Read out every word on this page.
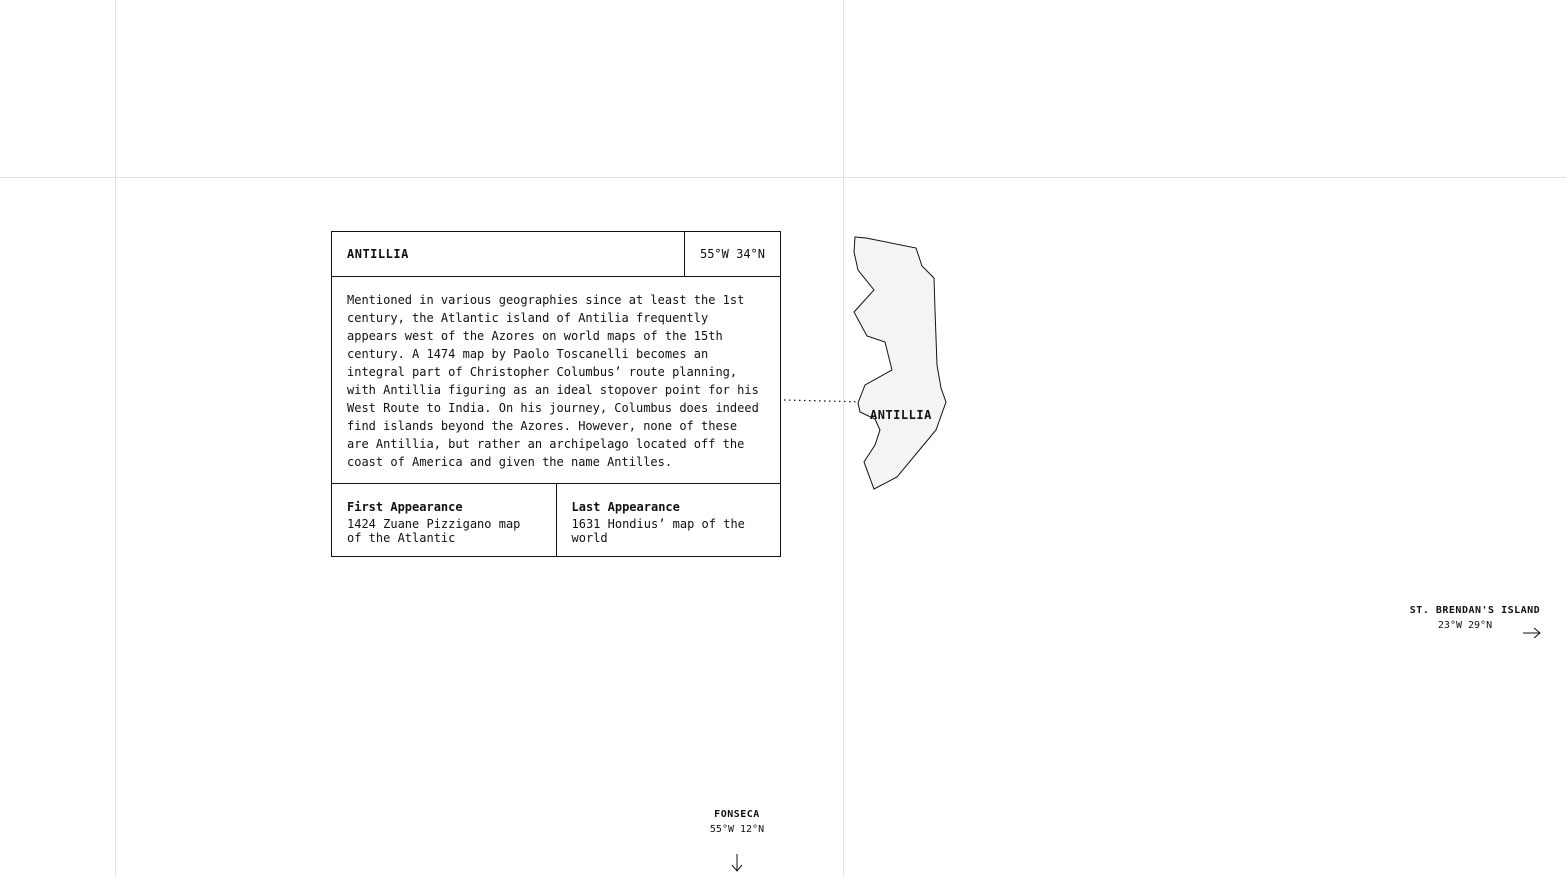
ANTILLIA	55°W 34°N
Mentioned in various geographies since at least the 1st century, the Atlantic island of Antilia frequently appears west of the Azores on world maps of the 15th century. A 1474 map by Paolo Toscanelli becomes an integral part of Christopher Columbus’ route planning, with Antillia figuring as an ideal stopover point for his West Route to India. On his journey, Columbus does indeed find islands beyond the Azores. However, none of these are Antillia, but rather an archipelago located off the coast of America and given the name Antilles.
First Appearance
1424 Zuane Pizzigano map of the Atlantic
Last Appearance
1631 Hondius’ map of the world
ANTILLIA
ST. BRENDAN'S ISLAND
23°W 29°N
FONSECA
55°W 12°N
